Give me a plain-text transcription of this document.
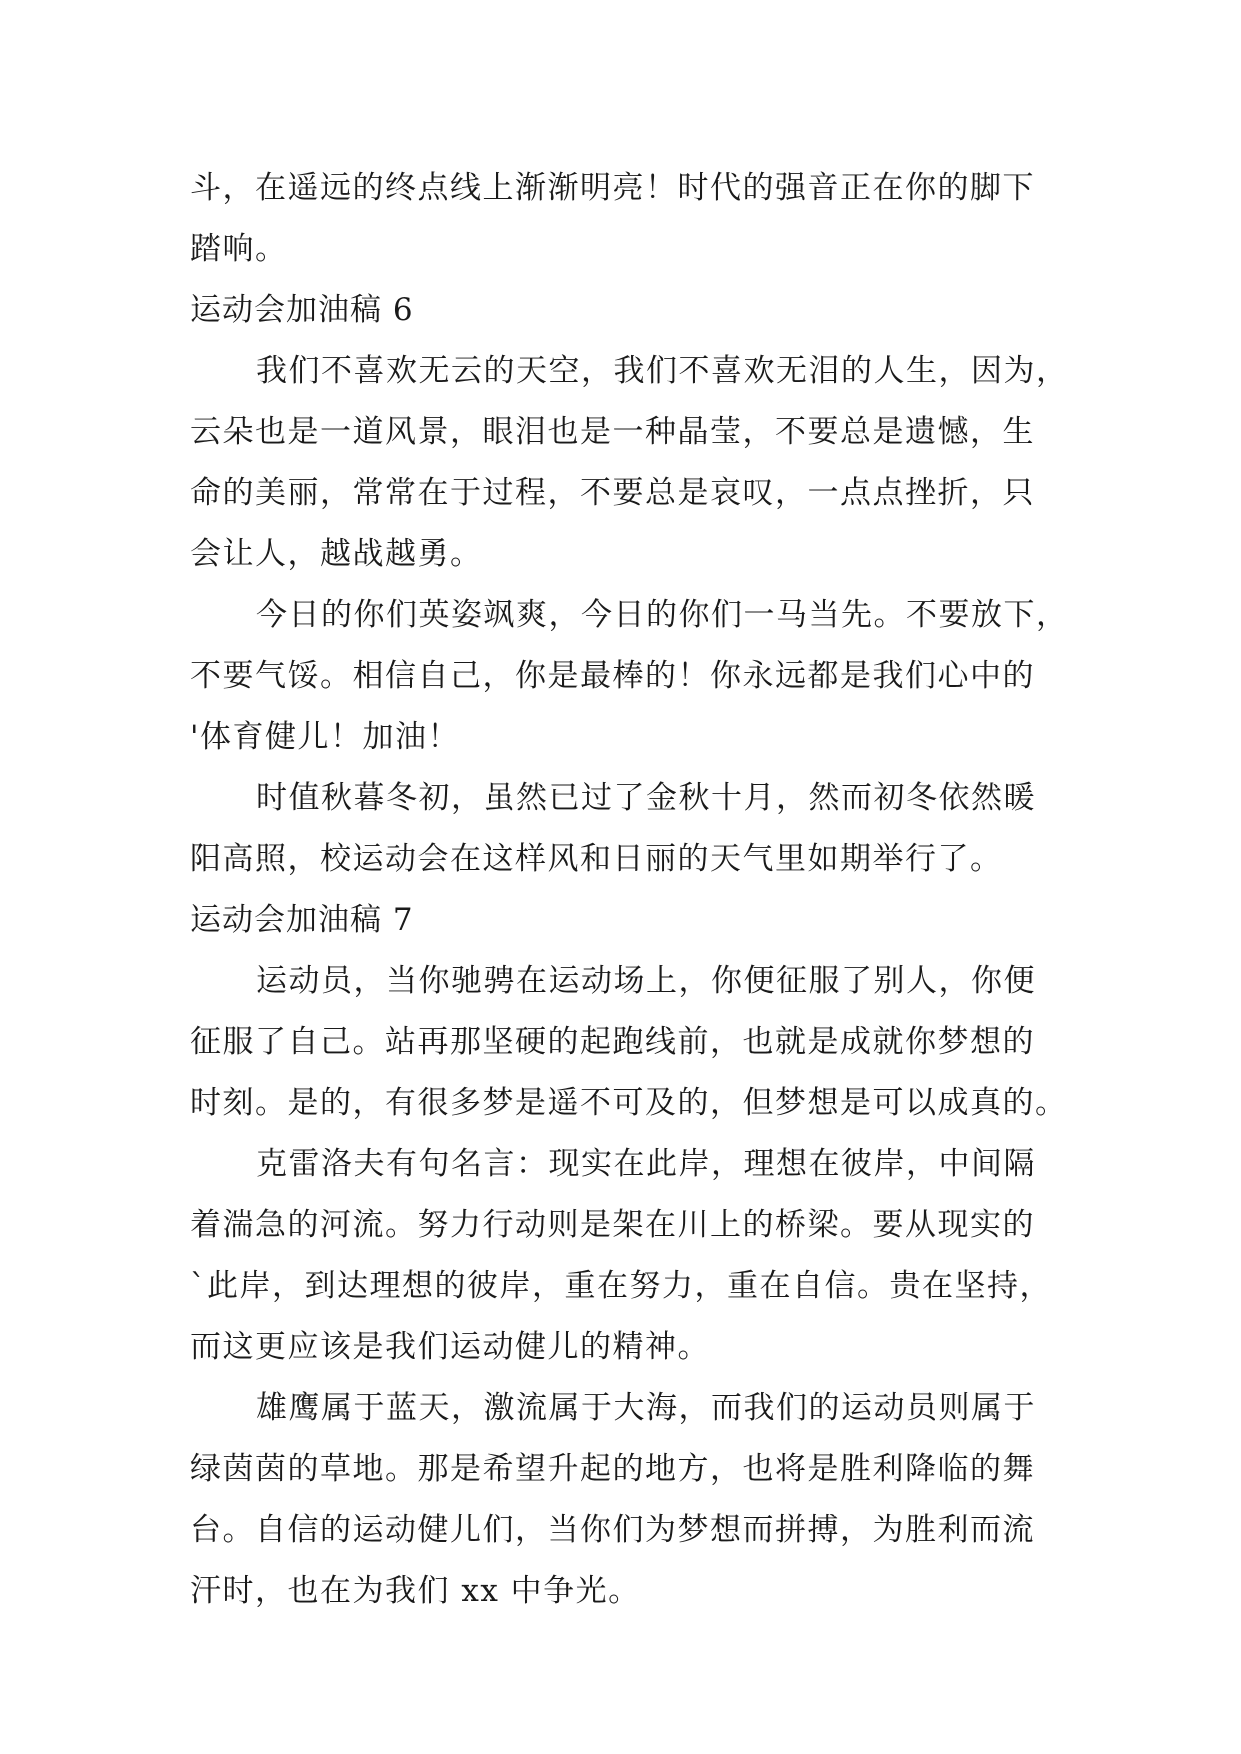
斗，在遥远的终点线上渐渐明亮！时代的强音正在你的脚下
踏响。
运动会加油稿 6
我们不喜欢无云的天空，我们不喜欢无泪的人生，因为，
云朵也是一道风景，眼泪也是一种晶莹，不要总是遗憾，生
命的美丽，常常在于过程，不要总是哀叹，一点点挫折，只
会让人，越战越勇。
今日的你们英姿飒爽，今日的你们一马当先。不要放下，
不要气馁。相信自己，你是最棒的！你永远都是我们心中的
'体育健儿！加油！
时值秋暮冬初，虽然已过了金秋十月，然而初冬依然暖
阳高照，校运动会在这样风和日丽的天气里如期举行了。
运动会加油稿 7
运动员，当你驰骋在运动场上，你便征服了别人，你便
征服了自己。站再那坚硬的起跑线前，也就是成就你梦想的
时刻。是的，有很多梦是遥不可及的，但梦想是可以成真的。
克雷洛夫有句名言：现实在此岸，理想在彼岸，中间隔
着湍急的河流。努力行动则是架在川上的桥梁。要从现实的
`此岸，到达理想的彼岸，重在努力，重在自信。贵在坚持，
而这更应该是我们运动健儿的精神。
雄鹰属于蓝天，激流属于大海，而我们的运动员则属于
绿茵茵的草地。那是希望升起的地方，也将是胜利降临的舞
台。自信的运动健儿们，当你们为梦想而拼搏，为胜利而流
汗时，也在为我们 xx 中争光。
